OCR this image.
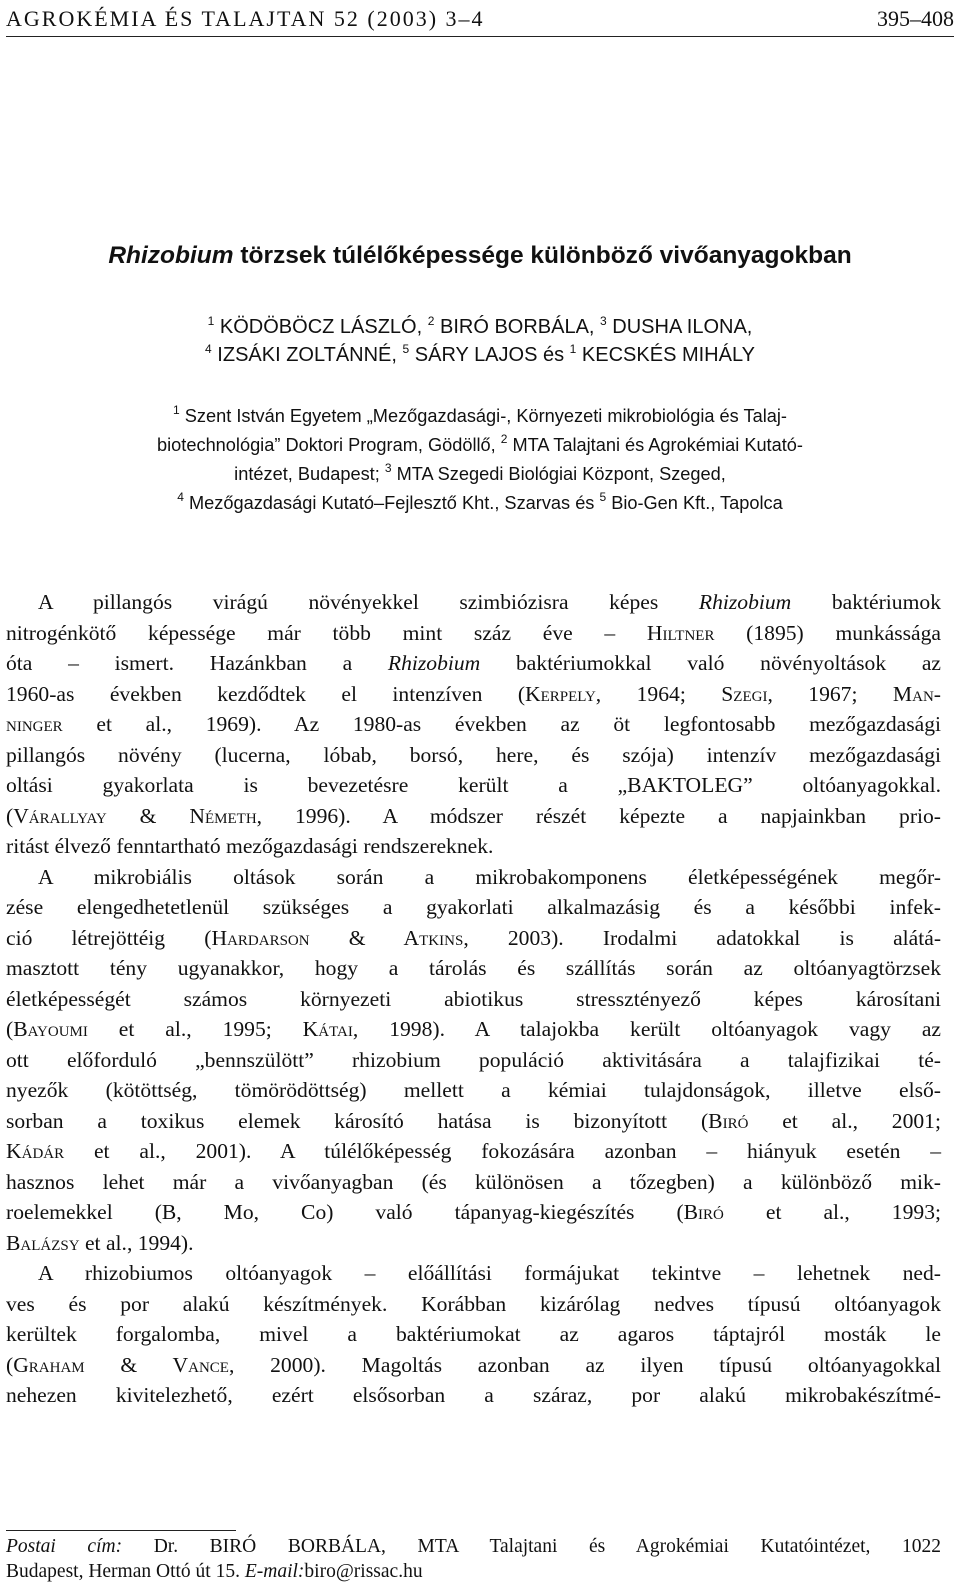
AGROKÉMIA ÉS TALAJTAN 52 (2003) 3–4	395–408
Rhizobium törzsek túlélőképessége különböző vivőanyagokban
$^1$ KÖDÖBÖCZ LÁSZLÓ, $^2$ BIRÓ BORBÁLA, $^3$ DUSHA ILONA,
$^4$ IZSÁKI ZOLTÁNNÉ, $^5$ SÁRY LAJOS és $^1$ KECSKÉS MIHÁLY
$^1$ Szent István Egyetem „Mezőgazdasági-, Környezeti mikrobiológia és Talaj-
biotechnológia” Doktori Program, Gödöllő, $^2$ MTA Talajtani és Agrokémiai Kutató-
intézet, Budapest; $^3$ MTA Szegedi Biológiai Központ, Szeged,
$^4$ Mezőgazdasági Kutató–Fejlesztő Kht., Szarvas és $^5$ Bio-Gen Kft., Tapolca
A pillangós virágú növényekkel szimbiózisra képes Rhizobium baktériumok
nitrogénkötő képessége már több mint száz éve – Hiltner (1895) munkássága
óta – ismert. Hazánkban a Rhizobium baktériumokkal való növényoltások az
1960-as években kezdődtek el intenzíven (Kerpely, 1964; Szegi, 1967; Man-
ninger et al., 1969). Az 1980-as években az öt legfontosabb mezőgazdasági
pillangós növény (lucerna, lóbab, borsó, here, és szója) intenzív mezőgazdasági
oltási gyakorlata is bevezetésre került a „BAKTOLEG” oltóanyagokkal.
(Várallyay & Németh, 1996). A módszer részét képezte a napjainkban prio-
ritást élvező fenntartható mezőgazdasági rendszereknek.
A mikrobiális oltások során a mikrobakomponens életképességének megőr-
zése elengedhetetlenül szükséges a gyakorlati alkalmazásig és a későbbi infek-
ció létrejöttéig (Hardarson & Atkins, 2003). Irodalmi adatokkal is alátá-
masztott tény ugyanakkor, hogy a tárolás és szállítás során az oltóanyagtörzsek
életképességét számos környezeti abiotikus stressztényező képes károsítani
(Bayoumi et al., 1995; Kátai, 1998). A talajokba került oltóanyagok vagy az
ott előforduló „bennszülött” rhizobium populáció aktivitására a talajfizikai té-
nyezők (kötöttség, tömörödöttség) mellett a kémiai tulajdonságok, illetve első-
sorban a toxikus elemek károsító hatása is bizonyított (Biró et al., 2001;
Kádár et al., 2001). A túlélőképesség fokozására azonban – hiányuk esetén –
hasznos lehet már a vivőanyagban (és különösen a tőzegben) a különböző mik-
roelemekkel (B, Mo, Co) való tápanyag-kiegészítés (Biró et al., 1993;
Balázsy et al., 1994).
A rhizobiumos oltóanyagok – előállítási formájukat tekintve – lehetnek ned-
ves és por alakú készítmények. Korábban kizárólag nedves típusú oltóanyagok
kerültek forgalomba, mivel a baktériumokat az agaros táptajról mosták le
(Graham & Vance, 2000). Magoltás azonban az ilyen típusú oltóanyagokkal
nehezen kivitelezhető, ezért elsősorban a száraz, por alakú mikrobakészítmé-
Postai cím: Dr. BIRÓ BORBÁLA, MTA Talajtani és Agrokémiai Kutatóintézet, 1022
Budapest, Herman Ottó út 15. E-mail:biro@rissac.hu
